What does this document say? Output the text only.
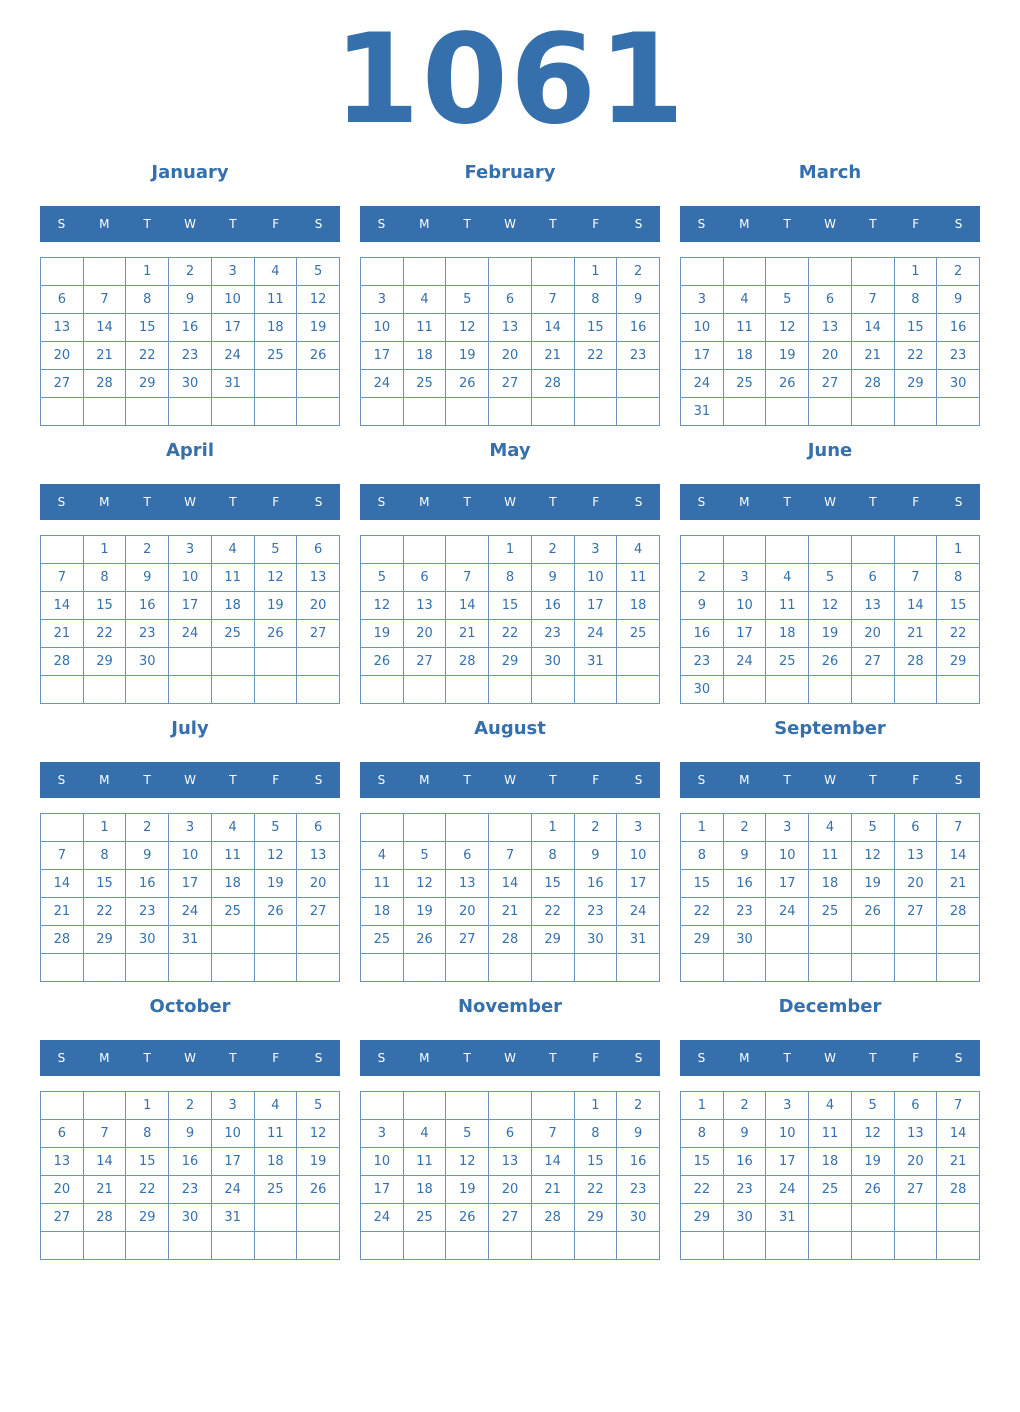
1061
January
S	M	T	W	T	F	S
		1	2	3	4	5
6	7	8	9	10	11	12
13	14	15	16	17	18	19
20	21	22	23	24	25	26
27	28	29	30	31		

February
S	M	T	W	T	F	S
					1	2
3	4	5	6	7	8	9
10	11	12	13	14	15	16
17	18	19	20	21	22	23
24	25	26	27	28		

March
S	M	T	W	T	F	S
					1	2
3	4	5	6	7	8	9
10	11	12	13	14	15	16
17	18	19	20	21	22	23
24	25	26	27	28	29	30
31						
April
S	M	T	W	T	F	S
	1	2	3	4	5	6
7	8	9	10	11	12	13
14	15	16	17	18	19	20
21	22	23	24	25	26	27
28	29	30				

May
S	M	T	W	T	F	S
			1	2	3	4
5	6	7	8	9	10	11
12	13	14	15	16	17	18
19	20	21	22	23	24	25
26	27	28	29	30	31	

June
S	M	T	W	T	F	S
						1
2	3	4	5	6	7	8
9	10	11	12	13	14	15
16	17	18	19	20	21	22
23	24	25	26	27	28	29
30						
July
S	M	T	W	T	F	S
	1	2	3	4	5	6
7	8	9	10	11	12	13
14	15	16	17	18	19	20
21	22	23	24	25	26	27
28	29	30	31			

August
S	M	T	W	T	F	S
				1	2	3
4	5	6	7	8	9	10
11	12	13	14	15	16	17
18	19	20	21	22	23	24
25	26	27	28	29	30	31

September
S	M	T	W	T	F	S
1	2	3	4	5	6	7
8	9	10	11	12	13	14
15	16	17	18	19	20	21
22	23	24	25	26	27	28
29	30					

October
S	M	T	W	T	F	S
		1	2	3	4	5
6	7	8	9	10	11	12
13	14	15	16	17	18	19
20	21	22	23	24	25	26
27	28	29	30	31		

November
S	M	T	W	T	F	S
					1	2
3	4	5	6	7	8	9
10	11	12	13	14	15	16
17	18	19	20	21	22	23
24	25	26	27	28	29	30

December
S	M	T	W	T	F	S
1	2	3	4	5	6	7
8	9	10	11	12	13	14
15	16	17	18	19	20	21
22	23	24	25	26	27	28
29	30	31				
